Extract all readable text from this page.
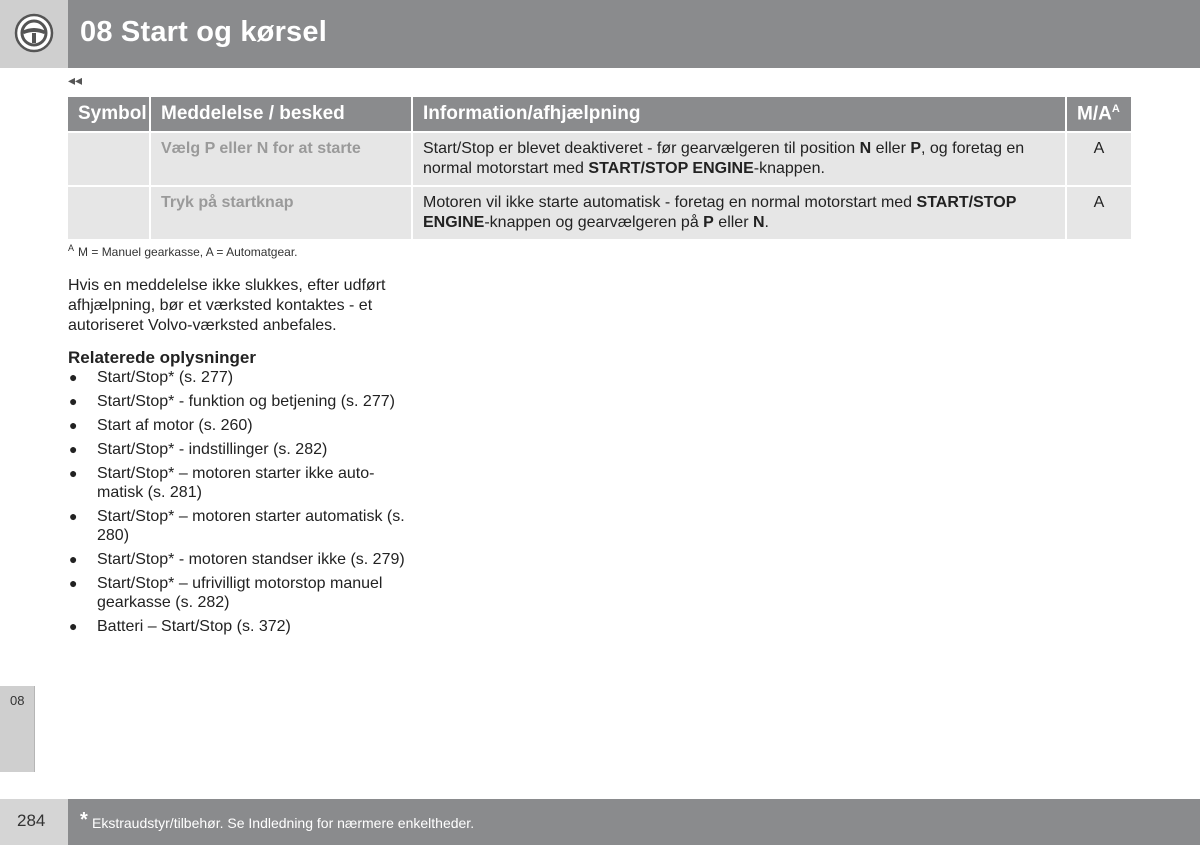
08 Start og kørsel
◂◂
Symbol	Meddelelse / besked	Information/afhjælpning	$M/A^A$
	Vælg P eller N for at starte	Start/Stop er blevet deaktiveret - før gearvælgeren til position N eller P, og foretag en normal motorstart med START/STOP ENGINE-knappen.	A
	Tryk på startknap	Motoren vil ikke starte automatisk - foretag en normal motorstart med START/STOP ENGINE-knappen og gearvælgeren på P eller N.	A
$^A$ M = Manuel gearkasse, A = Automatgear.
Hvis en meddelelse ikke slukkes, efter udført afhjælpning, bør et værksted kontaktes - et autoriseret Volvo-værksted anbefales.
Relaterede oplysninger
● Start/Stop* (s. 277)
● Start/Stop* - funktion og betjening (s. 277)
● Start af motor (s. 260)
● Start/Stop* - indstillinger (s. 282)
● Start/Stop* – motoren starter ikke automatisk (s. 281)
● Start/Stop* – motoren starter automatisk (s. 280)
● Start/Stop* - motoren standser ikke (s. 279)
● Start/Stop* – ufrivilligt motorstop manuel gearkasse (s. 282)
● Batteri – Start/Stop (s. 372)
08
284 * Ekstraudstyr/tilbehør. Se Indledning for nærmere enkeltheder.
